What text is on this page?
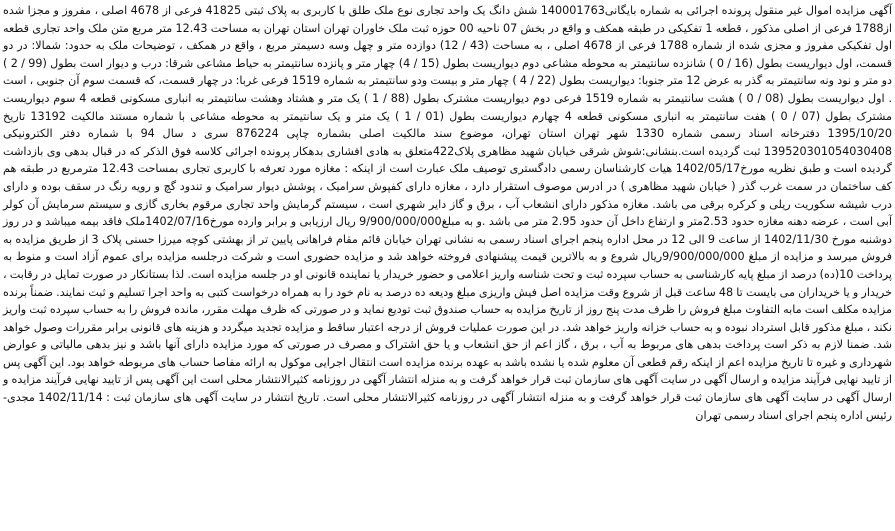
آگهی مزایده اموال غیر منقول پرونده اجرائی به شماره بایگانی140001763 شش دانگ یک واحد تجاری نوع ملک طلق با کاربری به پلاک ثبتی 41825 فرعی از 4678 اصلی ، مفروز و مجزا شده از1788 فرعی از اصلی مذکور ، قطعه 1 تفکیکی در طبقه همکف و واقع در بخش 07 ناحیه 00 حوزه ثبت ملک خاوران تهران استان تهران به مساحت 12.43 متر مربع متن ملک واحد تجاری قطعه اول تفکیکی مفروز و مجزی شده از شماره 1788 فرعی از 4678 اصلی ، به مساحت (43 / 12) دوازده متر و چهل وسه دسیمتر مربع ، واقع در همکف ، توضیحات ملک به حدود: شمالا: در دو قسمت، اول دیواریست بطول (16 / 0 ) شانزده سانتیمتر به محوطه مشاعی دوم دیواریست بطول (15 / 4) چهار متر و پانزده سانتیمتر به حیاط مشاعی شرقا: درب و دیوار است بطول (99 / 2 ) دو متر و نود ونه سانتیمتر به گذر به عرض 12 متر جنوبا: دیواریست بطول (22 / 4 ) چهار متر و بیست ودو سانتیمتر به شماره 1519 فرعی غربا: در چهار قسمت، که قسمت سوم آن جنوبی ، است . اول دیواریست بطول (08 / 0 ) هشت سانتیمتر به شماره 1519 فرعی دوم دیواریست مشترک بطول (88 / 1 ) یک متر و هشتاد وهشت سانتیمتر به انباری مسکونی قطعه 4 سوم دیواریست مشترک بطول (07 / 0 ) هفت سانتیمتر به انباری مسکونی قطعه 4 چهارم دیواریست بطول (01 / 1 ) یک متر و یک سانتیمتر به محوطه مشاعی با شماره مستند مالکیت 13192 تاریخ 1395/10/20 دفترخانه اسناد رسمی شماره 1330 شهر تهران استان تهران، موضوع سند مالکیت اصلی بشماره چاپی 876224 سری د سال 94 با شماره دفتر الکترونیکی 139520301054030408 ثبت گردیده است.بنشانی:شوش شرقی خیابان شهید مظاهری پلاک422متعلق به هادی افشاری بدهکار پرونده اجرائی کلاسه فوق الذکر که در قبال بدهی وی بازداشت گردیده است و طبق نظریه مورخ1402/05/17 هیات کارشناسان رسمی دادگستری توصیف ملک عبارت است از اینکه : مغازه مورد تعرفه با کاربری تجاری بمساحت 12.43 مترمربع در طبقه هم کف ساختمان در سمت غرب گذر ( خیابان شهید مظاهری ) در ادرس موصوف استقرار دارد ، مغازه دارای کفپوش سرامیک ، پوشش دیوار سرامیک و تندود گچ و رویه رنگ در سقف بوده و دارای درب شیشه سکوریت ریلی و کرکره برقی می باشد. مغازه مذکور دارای انشعاب آب ، برق و گاز دایر شهری است ، سیستم گرمایش واحد تجاری مرقوم بخاری گازی و سیستم سرمایش آن کولر آبی است ، عرضه دهنه مغازه حدود 2.53متر و ارتفاع داخل آن حدود 2.95 متر می باشد .و به مبلغ9/900/000/000 ریال ارزیابی و برابر وارده مورخ1402/07/16ملک فاقد بیمه میباشد و در روز دوشنبه مورخ 1402/11/30 از ساعت 9 الی 12 در محل اداره پنجم اجرای اسناد رسمی به نشانی تهران خیابان قائم مقام فراهانی پایین تر از بهشتی کوچه میرزا حسنی پلاک 3 از طریق مزایده به فروش میرسد و مزایده از مبلغ 9/900/000/000ریال شروع و به بالاترین قیمت پیشنهادی فروخته خواهد شد و مزایده حضوری است و شرکت درجلسه مزایده برای عموم آزاد است و منوط به پرداخت 10(ده) درصد از مبلغ پایه کارشناسی به حساب سپرده ثبت و تحت شناسه واریز اعلامی و حضور خریدار یا نماینده قانونی او در جلسه مزایده است. لذا بستانکار در صورت تمایل در رقابت ، خریدار و یا خریداران می بایست تا 48 ساعت قبل از شروع وقت مزایده اصل فیش واریزی مبلغ ودیعه ده درصد به نام خود را به همراه درخواست کتبی به واحد اجرا تسلیم و ثبت نمایند. ضمناً برنده مزایده مکلف است مابه التفاوت مبلغ فروش را ظرف مدت پنج روز از تاریخ مزایده به حساب صندوق ثبت تودیع نماید و در صورتی که ظرف مهلت مقرر، مانده فروش را به حساب سپرده ثبت واریز نکند ، مبلغ مذکور قابل استرداد نبوده و به حساب خزانه واریز خواهد شد. در این صورت عملیات فروش از درجه اعتبار ساقط و مزایده تجدید میگردد و هزینه های قانونی برابر مقررات وصول خواهد شد. ضمنا لازم به ذکر است پرداخت بدهی های مربوط به آب ، برق ، گاز اعم از حق انشعاب و یا حق اشتراک و مصرف در صورتی که مورد مزایده دارای آنها باشد و نیز بدهی مالیاتی و عوارض شهرداری و غیره تا تاریخ مزایده اعم از اینکه رقم قطعی آن معلوم شده یا نشده باشد به عهده برنده مزایده است انتقال اجرایی موکول به ارائه مفاصا حساب های مربوطه خواهد بود. این آگهی پس از تایید نهایی فرآیند مزایده و ارسال آگهی در سایت آگهی های سازمان ثبت قرار خواهد گرفت و به منزله انتشار آگهی در روزنامه کثیرالانتشار محلی است این آگهی پس از تایید نهایی فرآیند مزایده و ارسال آگهی در سایت آگهی های سازمان ثبت قرار خواهد گرفت و به منزله انتشار آگهی در روزنامه کثیرالانتشار محلی است. تاریخ انتشار در سایت آگهی های سازمان ثبت : 1402/11/14 مجدی-رئیس اداره پنجم اجرای اسناد رسمی تهران
